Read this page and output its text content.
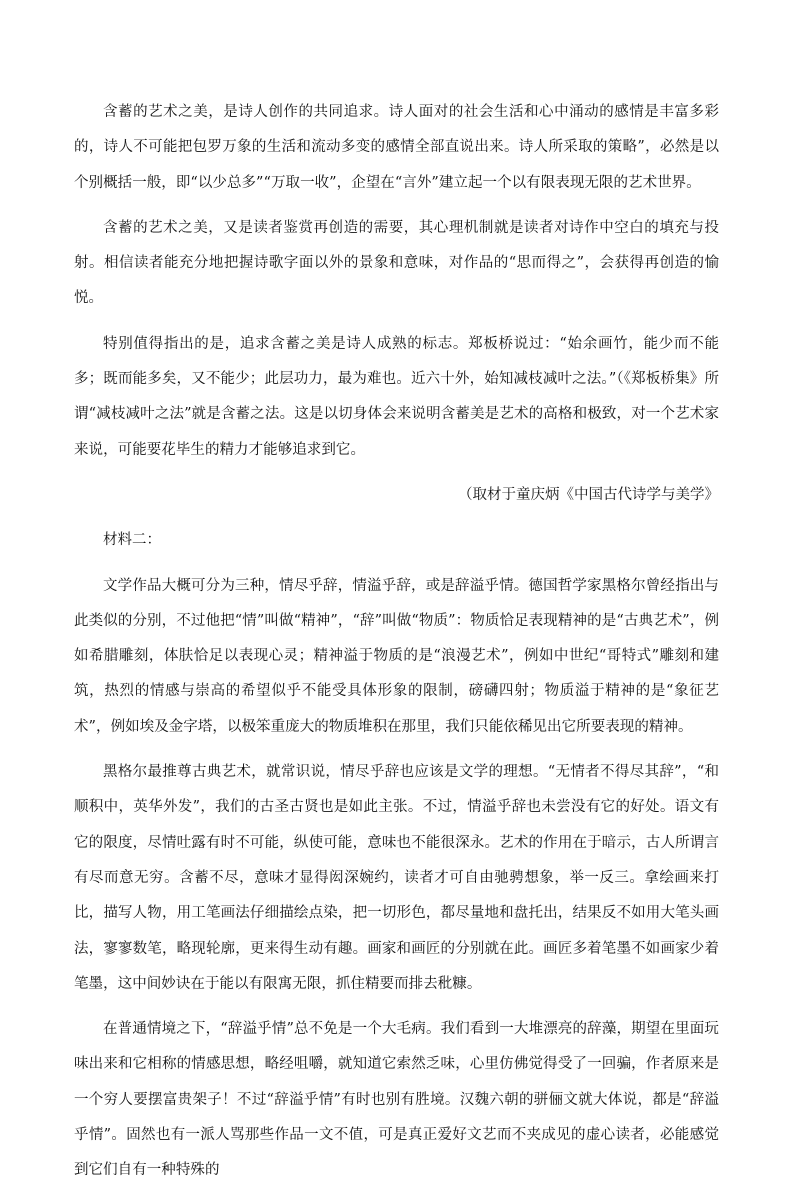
含蓄的艺术之美，是诗人创作的共同追求。诗人面对的社会生活和心中涌动的感情是丰富多彩的，诗人不可能把包罗万象的生活和流动多变的感情全部直说出来。诗人所采取的策略”，必然是以个别概括一般，即“以少总多”“万取一收”，企望在“言外”建立起一个以有限表现无限的艺术世界。

含蓄的艺术之美，又是读者鉴赏再创造的需要，其心理机制就是读者对诗作中空白的填充与投射。相信读者能充分地把握诗歌字面以外的景象和意味，对作品的“思而得之”，会获得再创造的愉悦。

特别值得指出的是，追求含蓄之美是诗人成熟的标志。郑板桥说过：“始余画竹，能少而不能多；既而能多矣，又不能少；此层功力，最为难也。近六十外，始知减枝减叶之法。”（《郑板桥集》所谓“减枝减叶之法”就是含蓄之法。这是以切身体会来说明含蓄美是艺术的高格和极致，对一个艺术家来说，可能要花毕生的精力才能够追求到它。

（取材于童庆炳《中国古代诗学与美学》

材料二：

文学作品大概可分为三种，情尽乎辞，情溢乎辞，或是辞溢乎情。德国哲学家黑格尔曾经指出与此类似的分别，不过他把“情”叫做“精神”，“辞”叫做“物质”：物质恰足表现精神的是“古典艺术”，例如希腊雕刻，体肤恰足以表现心灵；精神溢于物质的是“浪漫艺术”，例如中世纪“哥特式”雕刻和建筑，热烈的情感与崇高的希望似乎不能受具体形象的限制，磅礴四射；物质溢于精神的是“象征艺术”，例如埃及金字塔，以极笨重庞大的物质堆积在那里，我们只能依稀见出它所要表现的精神。

黑格尔最推尊古典艺术，就常识说，情尽乎辞也应该是文学的理想。“无情者不得尽其辞”，“和顺积中，英华外发”，我们的古圣古贤也是如此主张。不过，情溢乎辞也未尝没有它的好处。语文有它的限度，尽情吐露有时不可能，纵使可能，意味也不能很深永。艺术的作用在于暗示，古人所谓言有尽而意无穷。含蓄不尽，意味才显得闳深婉约，读者才可自由驰骋想象，举一反三。拿绘画来打比，描写人物，用工笔画法仔细描绘点染，把一切形色，都尽量地和盘托出，结果反不如用大笔头画法，寥寥数笔，略现轮廓，更来得生动有趣。画家和画匠的分别就在此。画匠多着笔墨不如画家少着笔墨，这中间妙诀在于能以有限寓无限，抓住精要而排去秕糠。

在普通情境之下，“辞溢乎情”总不免是一个大毛病。我们看到一大堆漂亮的辞藻，期望在里面玩味出来和它相称的情感思想，略经咀嚼，就知道它索然乏味，心里仿佛觉得受了一回骗，作者原来是一个穷人要摆富贵架子！不过“辞溢乎情”有时也别有胜境。汉魏六朝的骈俪文就大体说，都是“辞溢乎情”。固然也有一派人骂那些作品一文不值，可是真正爱好文艺而不夹成见的虚心读者，必能感觉到它们自有一种特殊的
